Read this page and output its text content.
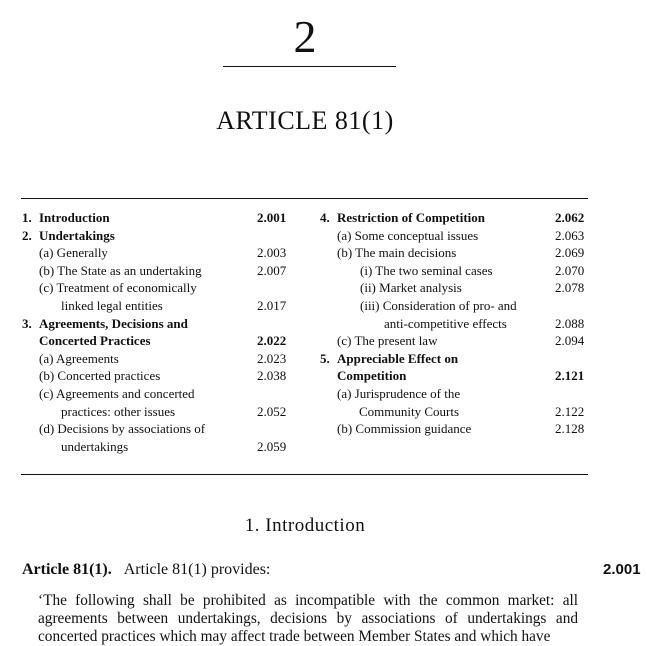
2
ARTICLE 81(1)
1. Introduction	2.001
2. Undertakings
(a) Generally	2.003
(b) The State as an undertaking	2.007
(c) Treatment of economically
linked legal entities	2.017
3. Agreements, Decisions and
Concerted Practices	2.022
(a) Agreements	2.023
(b) Concerted practices	2.038
(c) Agreements and concerted
practices: other issues	2.052
(d) Decisions by associations of
undertakings	2.059
4. Restriction of Competition	2.062
(a) Some conceptual issues	2.063
(b) The main decisions	2.069
(i) The two seminal cases	2.070
(ii) Market analysis	2.078
(iii) Consideration of pro- and
anti-competitive effects	2.088
(c) The present law	2.094
5. Appreciable Effect on
Competition	2.121
(a) Jurisprudence of the
Community Courts	2.122
(b) Commission guidance	2.128
1. Introduction
Article 81(1). Article 81(1) provides:	2.001
‘The following shall be prohibited as incompatible with the common market: all agreements between undertakings, decisions by associations of undertakings and concerted practices which may affect trade between Member States and which have
